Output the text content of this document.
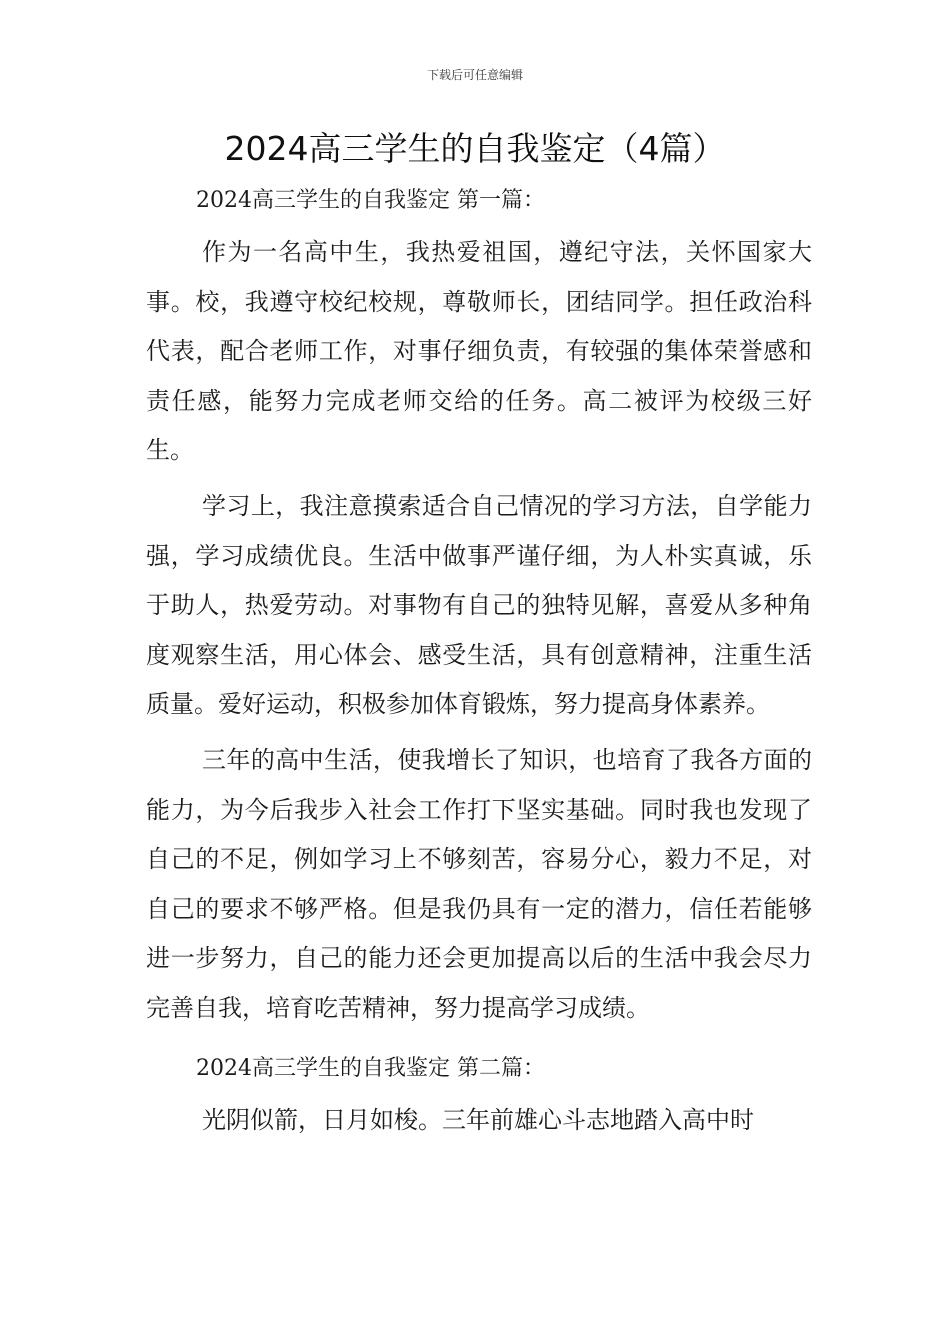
下载后可任意编辑
2024高三学生的自我鉴定（4篇）
2024高三学生的自我鉴定 第一篇：

作为一名高中生，我热爱祖国，遵纪守法，关怀国家大事。校，我遵守校纪校规，尊敬师长，团结同学。担任政治科代表，配合老师工作，对事仔细负责，有较强的集体荣誉感和责任感，能努力完成老师交给的任务。高二被评为校级三好生。

学习上，我注意摸索适合自己情况的学习方法，自学能力强，学习成绩优良。生活中做事严谨仔细，为人朴实真诚，乐于助人，热爱劳动。对事物有自己的独特见解，喜爱从多种角度观察生活，用心体会、感受生活，具有创意精神，注重生活质量。爱好运动，积极参加体育锻炼，努力提高身体素养。

三年的高中生活，使我增长了知识，也培育了我各方面的能力，为今后我步入社会工作打下坚实基础。同时我也发现了自己的不足，例如学习上不够刻苦，容易分心，毅力不足，对自己的要求不够严格。但是我仍具有一定的潜力，信任若能够进一步努力，自己的能力还会更加提高以后的生活中我会尽力完善自我，培育吃苦精神，努力提高学习成绩。

2024高三学生的自我鉴定 第二篇：

光阴似箭，日月如梭。三年前雄心斗志地踏入高中时
